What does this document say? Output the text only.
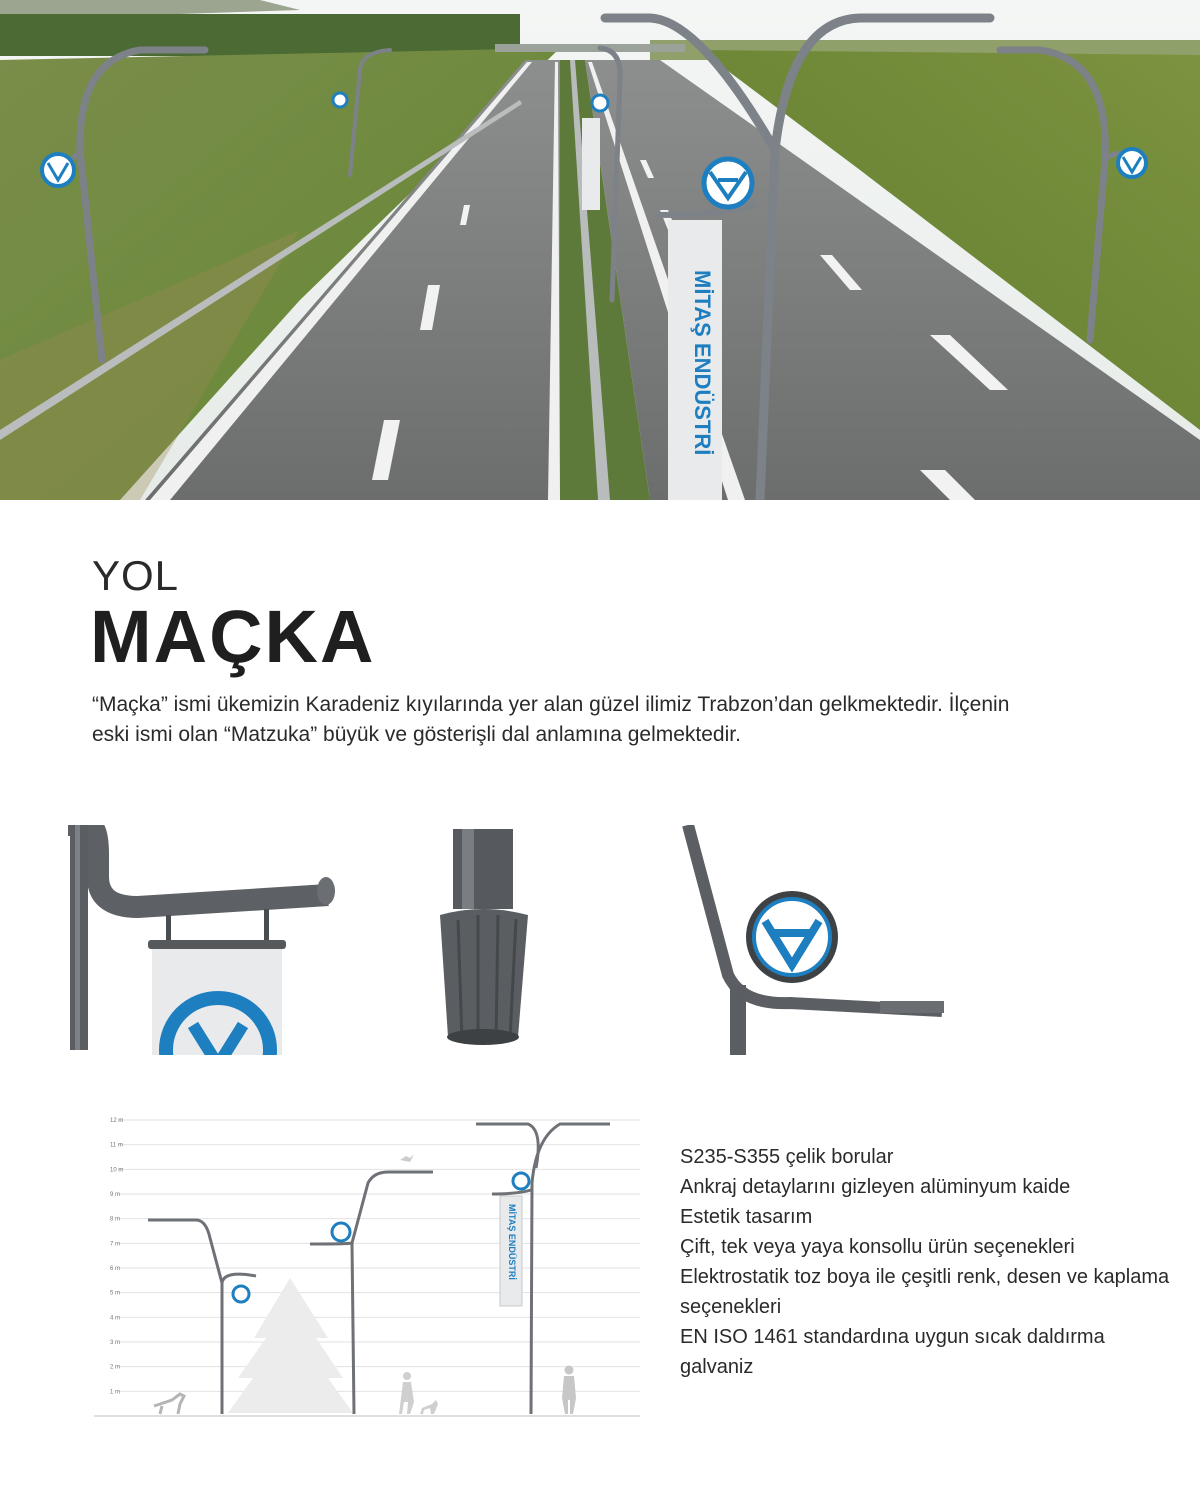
MİTAŞ ENDÜSTRİ
YOL
MAÇKA
“Maçka” ismi ükemizin Karadeniz kıyılarında yer alan güzel ilimiz Trabzon’dan gelkmektedir. İlçenin eski ismi olan “Matzuka” büyük ve gösterişli dal anlamına gelmektedir.
12 m
11 m
10 m
9 m
8 m
7 m
6 m
5 m
4 m
3 m
2 m
1 m
MİTAŞ ENDÜSTRİ
S235-S355 çelik borular
Ankraj detaylarını gizleyen alüminyum kaide
Estetik tasarım
Çift, tek veya yaya konsollu ürün seçenekleri
Elektrostatik toz boya ile çeşitli renk, desen ve kaplama seçenekleri
EN ISO 1461 standardına uygun sıcak daldırma galvaniz
